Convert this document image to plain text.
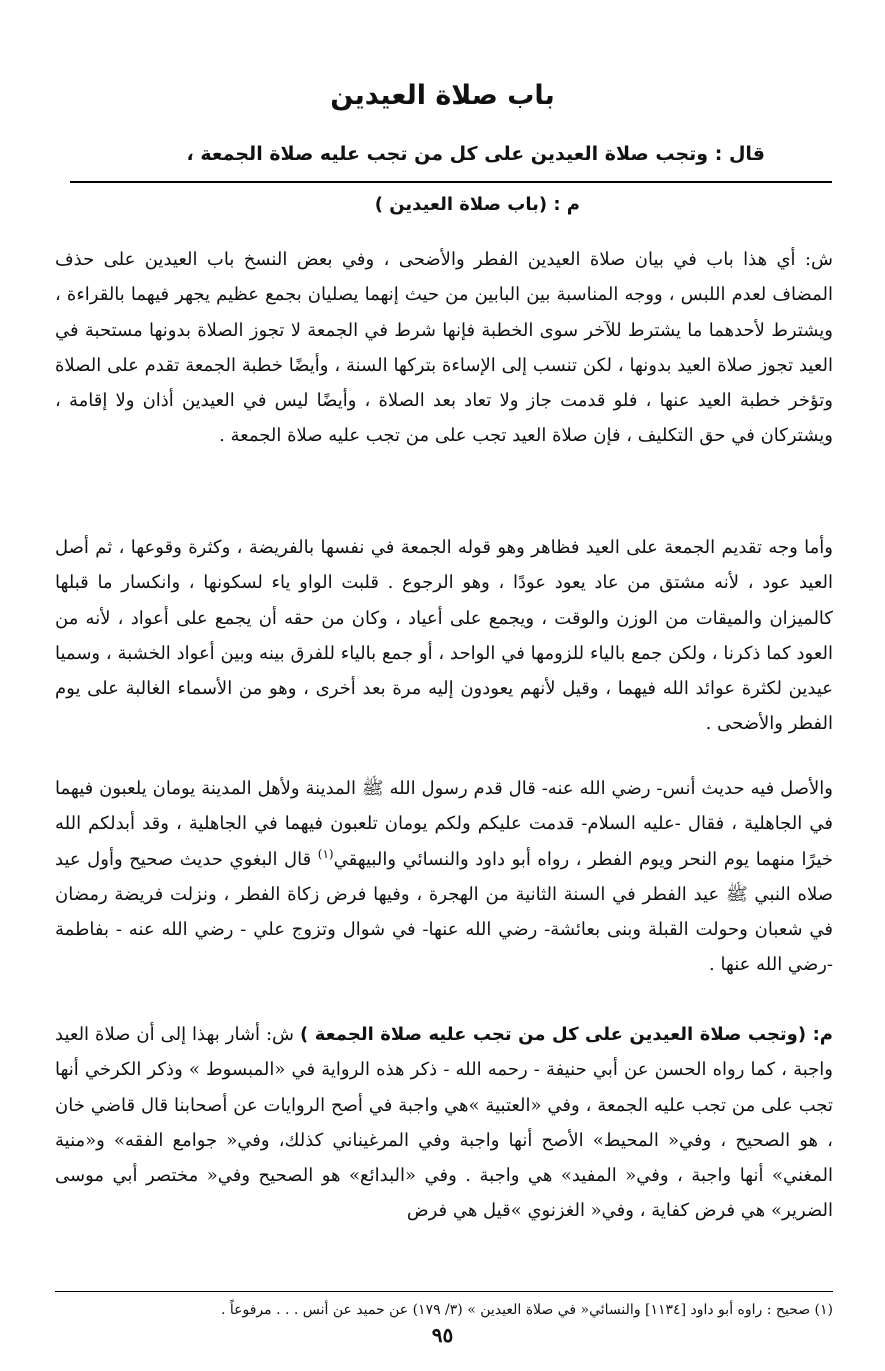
باب صلاة العيدين

قال : وتجب صلاة العيدين على كل من تجب عليه صلاة الجمعة ،

م : (باب صلاة العيدين )

ش: أي هذا باب في بيان صلاة العيدين الفطر والأضحى ، وفي بعض النسخ باب العيدين على حذف المضاف لعدم اللبس ، ووجه المناسبة بين البابين من حيث إنهما يصليان بجمع عظيم يجهر فيهما بالقراءة ، ويشترط لأحدهما ما يشترط للآخر سوى الخطبة فإنها شرط في الجمعة لا تجوز الصلاة بدونها مستحبة في العيد تجوز صلاة العيد بدونها ، لكن تنسب إلى الإساءة بتركها السنة ، وأيضًا خطبة الجمعة تقدم على الصلاة وتؤخر خطبة العيد عنها ، فلو قدمت جاز ولا تعاد بعد الصلاة ، وأيضًا ليس في العيدين أذان ولا إقامة ، ويشتركان في حق التكليف ، فإن صلاة العيد تجب على من تجب عليه صلاة الجمعة .

وأما وجه تقديم الجمعة على العيد فظاهر وهو قوله الجمعة في نفسها بالفريضة ، وكثرة وقوعها ، ثم أصل العيد عود ، لأنه مشتق من عاد يعود عودًا ، وهو الرجوع . قلبت الواو ياء لسكونها ، وانكسار ما قبلها كالميزان والميقات من الوزن والوقت ، ويجمع على أعياد ، وكان من حقه أن يجمع على أعواد ، لأنه من العود كما ذكرنا ، ولكن جمع بالياء للزومها في الواحد ، أو جمع بالياء للفرق بينه وبين أعواد الخشبة ، وسميا عيدين لكثرة عوائد الله فيهما ، وقيل لأنهم يعودون إليه مرة بعد أخرى ، وهو من الأسماء الغالبة على يوم الفطر والأضحى .

والأصل فيه حديث أنس- رضي الله عنه- قال قدم رسول الله ﷺ المدينة ولأهل المدينة يومان يلعبون فيهما في الجاهلية ، فقال -عليه السلام- قدمت عليكم ولكم يومان تلعبون فيهما في الجاهلية ، وقد أبدلكم الله خيرًا منهما يوم النحر ويوم الفطر ، رواه أبو داود والنسائي والبيهقي$^{(١)}$ قال البغوي حديث صحيح وأول عيد صلاه النبي ﷺ عيد الفطر في السنة الثانية من الهجرة ، وفيها فرض زكاة الفطر ، ونزلت فريضة رمضان في شعبان وحولت القبلة وبنى بعائشة- رضي الله عنها- في شوال وتزوج علي - رضي الله عنه - بفاطمة -رضي الله عنها .

م: (وتجب صلاة العيدين على كل من تجب عليه صلاة الجمعة ) ش: أشار بهذا إلى أن صلاة العيد واجبة ، كما رواه الحسن عن أبي حنيفة - رحمه الله - ذكر هذه الرواية في «المبسوط » وذكر الكرخي أنها تجب على من تجب عليه الجمعة ، وفي «العتبية »هي واجبة في أصح الروايات عن أصحابنا قال قاضي خان ، هو الصحيح ، وفي« المحيط» الأصح أنها واجبة وفي المرغيناني كذلك، وفي« جوامع الفقه» و«منية المغني» أنها واجبة ، وفي« المفيد» هي واجبة . وفي «البدائع» هو الصحيح وفي« مختصر أبي موسى الضرير» هي فرض كفاية ، وفي« الغزنوي »قيل هي فرض

(١) صحيح : راوه أبو داود [١١٣٤] والنسائي« في صلاة العيدين » (٣/ ١٧٩) عن حميد عن أنس . . . مرفوعاً .

٩٥
